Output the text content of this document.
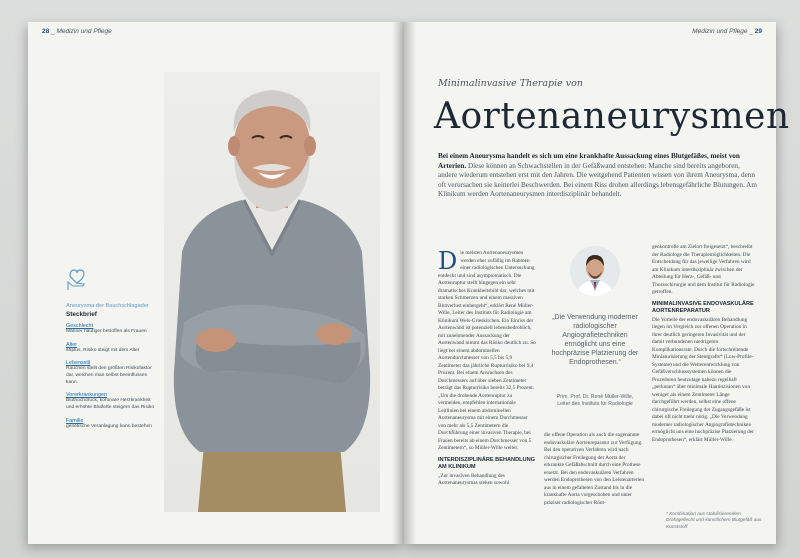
28 _ Medizin und Pflege
Aneurysma der Bauchschlagader
Steckbrief
Geschlecht
Männer häufiger betroffen als Frauen
Alter
65plus, Risiko steigt mit dem Alter
Lebensstil
Rauchen stellt den größten Risikofaktor dar, welchen man selbst beeinflussen kann.
Vorerkrankungen
Bluthochdruck, koronare Herzkrankheit und erhöhte Blutfette steigern das Risiko
Familie
genetische Veranlagung kann bestehen
Medizin und Pflege _ 29
Minimalinvasive Therapie von
Aortenaneurysmen
Bei einem Aneurysma handelt es sich um eine krankhafte Aussackung eines Blutgefäßes, meist von Arterien. Diese können an Schwachstellen in der Gefäßwand entstehen: Manche sind bereits angeboren, andere wiederum entstehen erst mit den Jahren. Die weitgehend Patienten wissen von ihrem Aneurysma, denn oft verursachen sie keinerlei Beschwerden. Bei einem Riss drohen allerdings lebensgefährliche Blutungen. Am Klinikum werden Aortenaneurysmen interdisziplinär behandelt.
D ie meisten Aortenaneurysmen werden eher zufällig im Rahmen einer radiologischen Untersuchung entdeckt und sind asymptomatisch. Die Aortenruptur stellt hingegen ein sehr dramatisches Krankheitsbild dar, welches mit starken Schmerzen und einem massiven Blutverlust einhergeht“, erklärt René Müller-Wille, Leiter des Instituts für Radiologie am Klinikum Wels-Grieskirchen. Ein Einriss der Aortenwand ist potenziell lebensbedrohlich, mit zunehmender Aussackung der Aortenwand nimmt das Risiko deutlich zu. So liegt bei einem abdominellen Aortendurchmesser von 5,5 bis 5,9 Zentimeter das jährliche Rupturrisiko bei 9,4 Prozent. Bei einem Anwachsen des Durchmessers auf über sieben Zentimeter beträgt das Rupturrisiko bereits 32,5 Prozent. „Um die drohende Aortenruptur zu vermeiden, empfehlen internationale Leitlinien bei einem abdominellen Aortenaneurysma mit einem Durchmesser von mehr als 5,5 Zentimetern die Durchführung einer invasiven Therapie, bei Frauen bereits ab einem Durchmesser von 5 Zentimetern“, so Müller-Wille weiter.
INTERDISZIPLINÄRE BEHANDLUNG AM KLINIKUM
„Zur invasiven Behandlung des Aortenaneurysmas stehen sowohl
„Die Verwendung moderner radiologischer Angiografietechniken ermöglicht uns eine hochpräzise Platzierung der Endoprothesen.“
Prim. Prof. Dr. René Müller-Wille,
Leiter des Instituts für Radiologie
die offene Operation als auch die sogenannte endovaskuläre Aortenreparatur zur Verfügung. Bei den operativen Verfahren wird nach chirurgischer Freilegung der Aorta der erkrankte Gefäßabschnitt durch eine Prothese ersetzt. Bei den endovaskulären Verfahren werden Endoprothesen von den Leistenarterien aus in einem gefalteten Zustand bis in die krankhafte Aorta vorgeschoben und unter präziser radiologischer Rönt-
genkontrolle am Zielort freigesetzt“, beschreibt der Radiologe die Therapiemöglichkeiten. Die Entscheidung für das jeweilige Verfahren wird am Klinikum interdisziplinär zwischen der Abteilung für Herz-, Gefäß- und Thoraxchirurgie und dem Institut für Radiologie getroffen.
MINIMALINVASIVE ENDOVASKULÄRE AORTENREPARATUR
Die Vorteile der endovaskulären Behandlung liegen im Vergleich zur offenen Operation in ihrer deutlich geringeren Invasivität und der damit verbundenen niedrigeren Komplikationsrate. Durch die fortschreitende Miniaturisierung der Stentgrafts* (Low-Profile-Systeme) und die Weiterentwicklung von Gefäßverschlusssystemen können die Prozeduren heutzutage nahezu regelhaft „perkutan“ über minimale Hautinzisionen von weniger als einem Zentimeter Länge durchgeführt werden, selbst eine offene chirurgische Freilegung der Zugangsgefäße ist dabei oft nicht mehr nötig. „Die Verwendung moderner radiologischer Angiografietechniken ermöglicht uns eine hochpräzise Platzierung der Endoprothesen“, erklärt Müller-Wille.
* Kombination aus stabilisierendem Drahtgeflecht und künstlichem Blutgefäß aus Kunststoff
